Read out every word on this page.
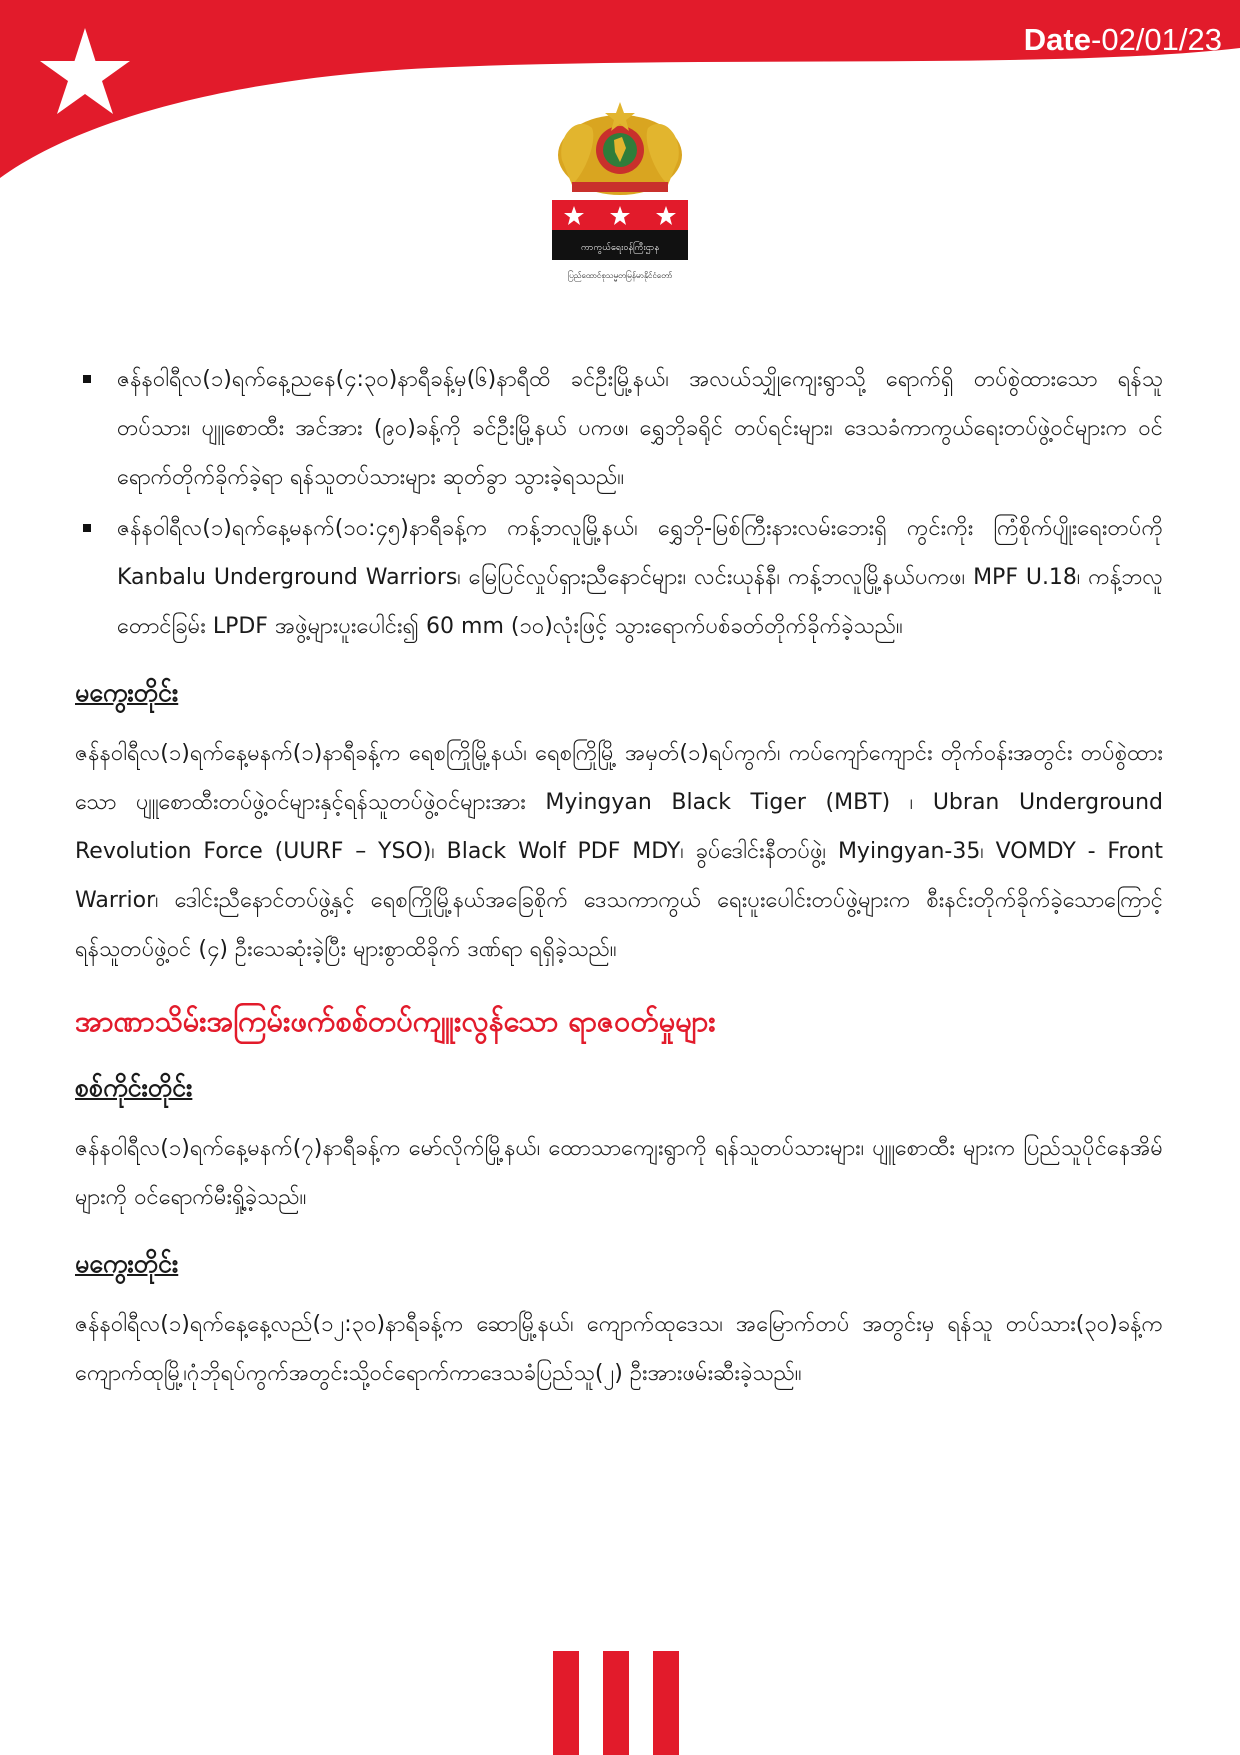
Date-02/01/23
ကာကွယ်ရေးဝန်ကြီးဌာန
ပြည်ထောင်စုသမ္မတမြန်မာနိုင်ငံတော်
ဇန်နဝါရီလ(၁)ရက်နေ့ညနေ(၄:၃၀)နာရီခန့်မှ(၆)နာရီထိ ခင်ဦးမြို့နယ်၊ အလယ်သျှိုကျေးရွာသို့ ရောက်ရှိ တပ်စွဲထားသော ရန်သူတပ်သား၊ ပျူစောထီး အင်အား (၉၀)ခန့်ကို ခင်ဦးမြို့နယ် ပကဖ၊ ရွှေဘိုခရိုင် တပ်ရင်းများ၊ ဒေသခံကာကွယ်ရေးတပ်ဖွဲ့ဝင်များက ဝင်ရောက်တိုက်ခိုက်ခဲ့ရာ ရန်သူတပ်သားများ ဆုတ်ခွာ သွားခဲ့ရသည်။
ဇန်နဝါရီလ(၁)ရက်နေ့မနက်(၁၀:၄၅)နာရီခန့်က ကန့်ဘလူမြို့နယ်၊ ရွှေဘို-မြစ်ကြီးနားလမ်းဘေးရှိ ကွင်းကိုး ကြံစိုက်ပျိုးရေးတပ်ကို Kanbalu Underground Warriors၊ မြေပြင်လှုပ်ရှားညီနောင်များ၊ လင်းယုန်နီ၊ ကန့်ဘလူမြို့နယ်ပကဖ၊ MPF U.18၊ ကန့်ဘလူတောင်ခြမ်း LPDF အဖွဲ့များပူးပေါင်း၍ 60 mm (၁၀)လုံးဖြင့် သွားရောက်ပစ်ခတ်တိုက်ခိုက်ခဲ့သည်။
မကွေးတိုင်း

ဇန်နဝါရီလ(၁)ရက်နေ့မနက်(၁)နာရီခန့်က ရေစကြိုမြို့နယ်၊ ရေစကြိုမြို့ အမှတ်(၁)ရပ်ကွက်၊ ကပ်ကျော်ကျောင်း တိုက်ဝန်းအတွင်း တပ်စွဲထားသော ပျူစောထီးတပ်ဖွဲ့ဝင်များနှင့်ရန်သူတပ်ဖွဲ့ဝင်များအား Myingyan Black Tiger (MBT) ၊ Ubran Underground Revolution Force (UURF – YSO)၊ Black Wolf PDF MDY၊ ခွပ်ဒေါင်းနီတပ်ဖွဲ့၊ Myingyan-35၊ VOMDY - Front Warrior၊ ဒေါင်းညီနောင်တပ်ဖွဲ့နှင့် ရေစကြိုမြို့နယ်အခြေစိုက် ဒေသကာကွယ် ရေးပူးပေါင်းတပ်ဖွဲ့များက စီးနင်းတိုက်ခိုက်ခဲ့သောကြောင့် ရန်သူတပ်ဖွဲ့ဝင် (၄) ဦးသေဆုံးခဲ့ပြီး များစွာထိခိုက် ဒဏ်ရာ ရရှိခဲ့သည်။

အာဏာသိမ်းအကြမ်းဖက်စစ်တပ်ကျူးလွန်သော ရာဇဝတ်မှုများ
စစ်ကိုင်းတိုင်း

ဇန်နဝါရီလ(၁)ရက်နေ့မနက်(၇)နာရီခန့်က မော်လိုက်မြို့နယ်၊ ထောသာကျေးရွာကို ရန်သူတပ်သားများ၊ ပျူစောထီး များက ပြည်သူပိုင်နေအိမ်များကို ဝင်ရောက်မီးရှို့ခဲ့သည်။

မကွေးတိုင်း

ဇန်နဝါရီလ(၁)ရက်နေ့နေ့လည်(၁၂:၃၀)နာရီခန့်က ဆောမြို့နယ်၊ ကျောက်ထုဒေသ၊ အမြောက်တပ် အတွင်းမှ ရန်သူ တပ်သား(၃၀)ခန့်ကကျောက်ထုမြို့၊ဂုံဘိုရပ်ကွက်အတွင်းသို့ဝင်ရောက်ကာဒေသခံပြည်သူ(၂) ဦးအားဖမ်းဆီးခဲ့သည်။
